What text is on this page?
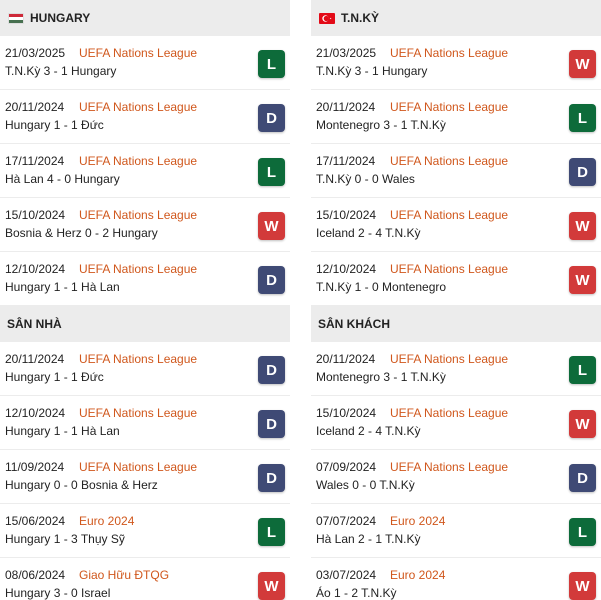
HUNGARY
21/03/2025 UEFA Nations League
T.N.Kỳ 3 - 1 Hungary	L
20/11/2024 UEFA Nations League
Hungary 1 - 1 Đức	D
17/11/2024 UEFA Nations League
Hà Lan 4 - 0 Hungary	L
15/10/2024 UEFA Nations League
Bosnia & Herz 0 - 2 Hungary	W
12/10/2024 UEFA Nations League
Hungary 1 - 1 Hà Lan	D
SÂN NHÀ
20/11/2024 UEFA Nations League
Hungary 1 - 1 Đức	D
12/10/2024 UEFA Nations League
Hungary 1 - 1 Hà Lan	D
11/09/2024 UEFA Nations League
Hungary 0 - 0 Bosnia & Herz	D
15/06/2024 Euro 2024
Hungary 1 - 3 Thụy Sỹ	L
08/06/2024 Giao Hữu ĐTQG
Hungary 3 - 0 Israel	W
T.N.KỲ
21/03/2025 UEFA Nations League
T.N.Kỳ 3 - 1 Hungary	W
20/11/2024 UEFA Nations League
Montenegro 3 - 1 T.N.Kỳ	L
17/11/2024 UEFA Nations League
T.N.Kỳ 0 - 0 Wales	D
15/10/2024 UEFA Nations League
Iceland 2 - 4 T.N.Kỳ	W
12/10/2024 UEFA Nations League
T.N.Kỳ 1 - 0 Montenegro	W
SÂN KHÁCH
20/11/2024 UEFA Nations League
Montenegro 3 - 1 T.N.Kỳ	L
15/10/2024 UEFA Nations League
Iceland 2 - 4 T.N.Kỳ	W
07/09/2024 UEFA Nations League
Wales 0 - 0 T.N.Kỳ	D
07/07/2024 Euro 2024
Hà Lan 2 - 1 T.N.Kỳ	L
03/07/2024 Euro 2024
Áo 1 - 2 T.N.Kỳ	W
